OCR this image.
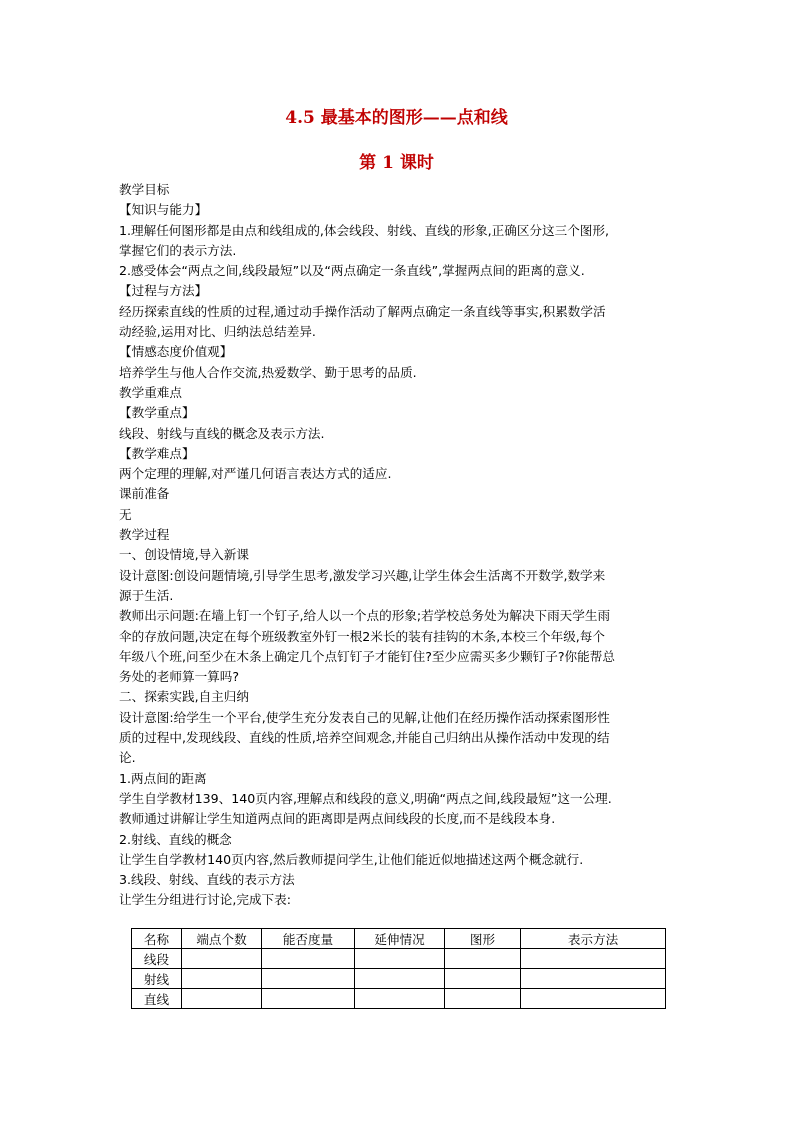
4.5 最基本的图形——点和线
第 1 课时

教学目标

【知识与能力】

1.理解任何图形都是由点和线组成的,体会线段、射线、直线的形象,正确区分这三个图形,

掌握它们的表示方法.

2.感受体会“两点之间,线段最短”以及“两点确定一条直线”,掌握两点间的距离的意义.

【过程与方法】

经历探索直线的性质的过程,通过动手操作活动了解两点确定一条直线等事实,积累数学活

动经验,运用对比、归纳法总结差异.

【情感态度价值观】

培养学生与他人合作交流,热爱数学、勤于思考的品质.

教学重难点

【教学重点】

线段、射线与直线的概念及表示方法.

【教学难点】

两个定理的理解,对严谨几何语言表达方式的适应.

课前准备

无

教学过程

一、创设情境,导入新课

设计意图:创设问题情境,引导学生思考,激发学习兴趣,让学生体会生活离不开数学,数学来

源于生活.

教师出示问题:在墙上钉一个钉子,给人以一个点的形象;若学校总务处为解决下雨天学生雨

伞的存放问题,决定在每个班级教室外钉一根2米长的装有挂钩的木条,本校三个年级,每个

年级八个班,问至少在木条上确定几个点钉钉子才能钉住?至少应需买多少颗钉子?你能帮总

务处的老师算一算吗?

二、探索实践,自主归纳

设计意图:给学生一个平台,使学生充分发表自己的见解,让他们在经历操作活动探索图形性

质的过程中,发现线段、直线的性质,培养空间观念,并能自己归纳出从操作活动中发现的结

论.

1.两点间的距离

学生自学教材139、140页内容,理解点和线段的意义,明确“两点之间,线段最短”这一公理.

教师通过讲解让学生知道两点间的距离即是两点间线段的长度,而不是线段本身.

2.射线、直线的概念

让学生自学教材140页内容,然后教师提问学生,让他们能近似地描述这两个概念就行.

3.线段、射线、直线的表示方法

让学生分组进行讨论,完成下表:

名称	端点个数	能否度量	延伸情况	图形	表示方法
线段					
射线					
直线					
